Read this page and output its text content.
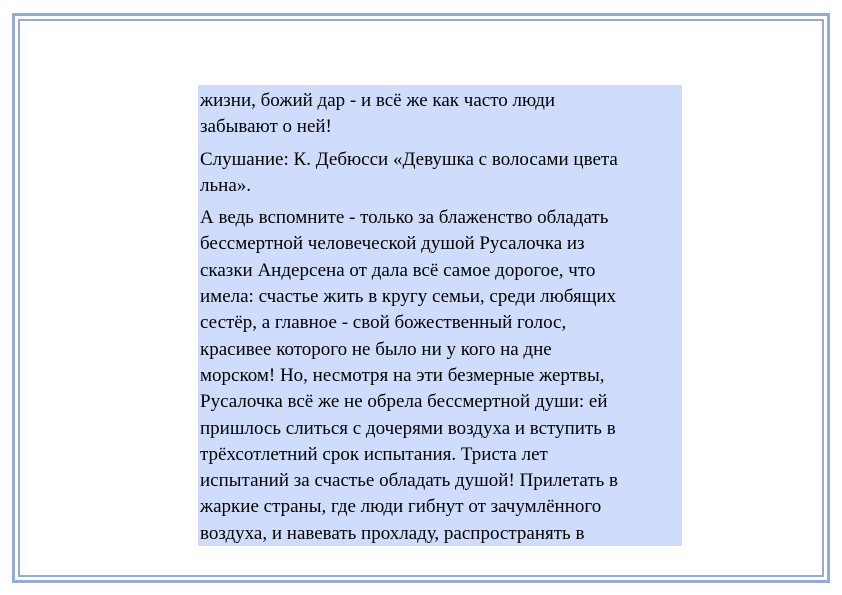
жизни, божий дар - и всё же как часто люди
забывают о ней!

Слушание: К. Дебюсси «Девушка с волосами цвета
льна».

А ведь вспомните - только за блаженство обладать
бессмертной человеческой душой Русалочка из
сказки Андерсена от дала всё самое дорогое, что
имела: счастье жить в кругу семьи, среди любящих
сестёр, а главное - свой божественный голос,
красивее которого не было ни у кого на дне
морском! Но, несмотря на эти безмерные жертвы,
Русалочка всё же не обрела бессмертной души: ей
пришлось слиться с дочерями воздуха и вступить в
трёхсотлетний срок испытания. Триста лет
испытаний за счастье обладать душой! Прилетать в
жаркие страны, где люди гибнут от зачумлённого
воздуха, и навевать прохладу, распространять в
